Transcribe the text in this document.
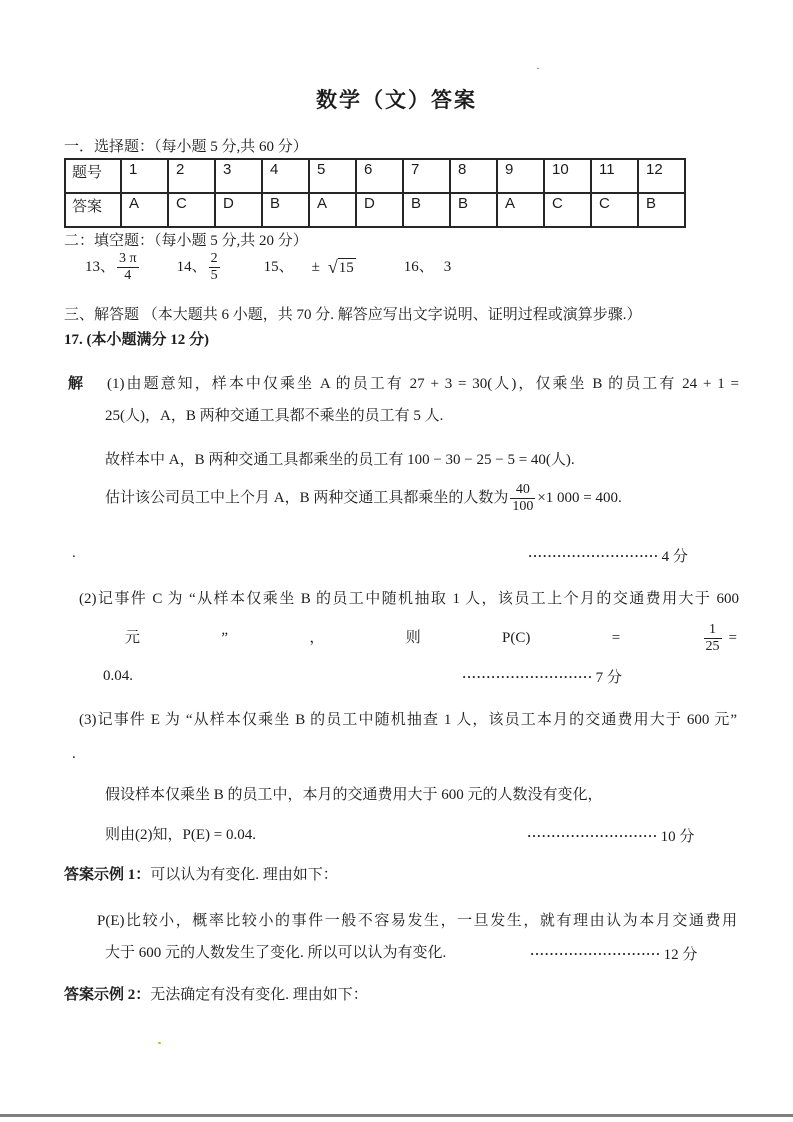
·
数学（文）答案
一．选择题：（每小题 5 分,共 60 分）
题号	1	2	3	4	5	6	7	8	9	10	11	12
答案	A	C	D	B	A	D	B	B	A	C	C	B
二：填空题：（每小题 5 分,共 20 分）
13、 $\frac{3 \pi}{4}$	14、 $\frac{2}{5}$	15、 ± √ 15	16、 3
三、解答题 （本大题共 6 小题，共 70 分. 解答应写出文字说明、证明过程或演算步骤.）
17. (本小题满分 12 分)
解 (1)由题意知，样本中仅乘坐 A 的员工有 27 + 3 = 30(人)，仅乘坐 B 的员工有 24 + 1 =
25(人)，A，B 两种交通工具都不乘坐的员工有 5 人.
故样本中 A，B 两种交通工具都乘坐的员工有 100 − 30 − 25 − 5 = 40(人).
估计该公司员工中上个月 A，B 两种交通工具都乘坐的人数为 $\frac{40}{100} \times 1$ 000 = 400.
.	··························· 4 分
(2)记事件 C 为 “从样本仅乘坐 B 的员工中随机抽取 1 人，该员工上个月的交通费用大于 600
元	”	，	则	P(C)	=	$\frac{1}{25}$ =
0.04.	··························· 7 分
(3)记事件 E 为 “从样本仅乘坐 B 的员工中随机抽查 1 人，该员工本月的交通费用大于 600 元”
.
假设样本仅乘坐 B 的员工中，本月的交通费用大于 600 元的人数没有变化，
则由(2)知，P(E) = 0.04.	··························· 10 分
答案示例 1：可以认为有变化. 理由如下：
P(E)比较小，概率比较小的事件一般不容易发生，一旦发生，就有理由认为本月交通费用
大于 600 元的人数发生了变化. 所以可以认为有变化.	··························· 12 分
答案示例 2：无法确定有没有变化. 理由如下：
